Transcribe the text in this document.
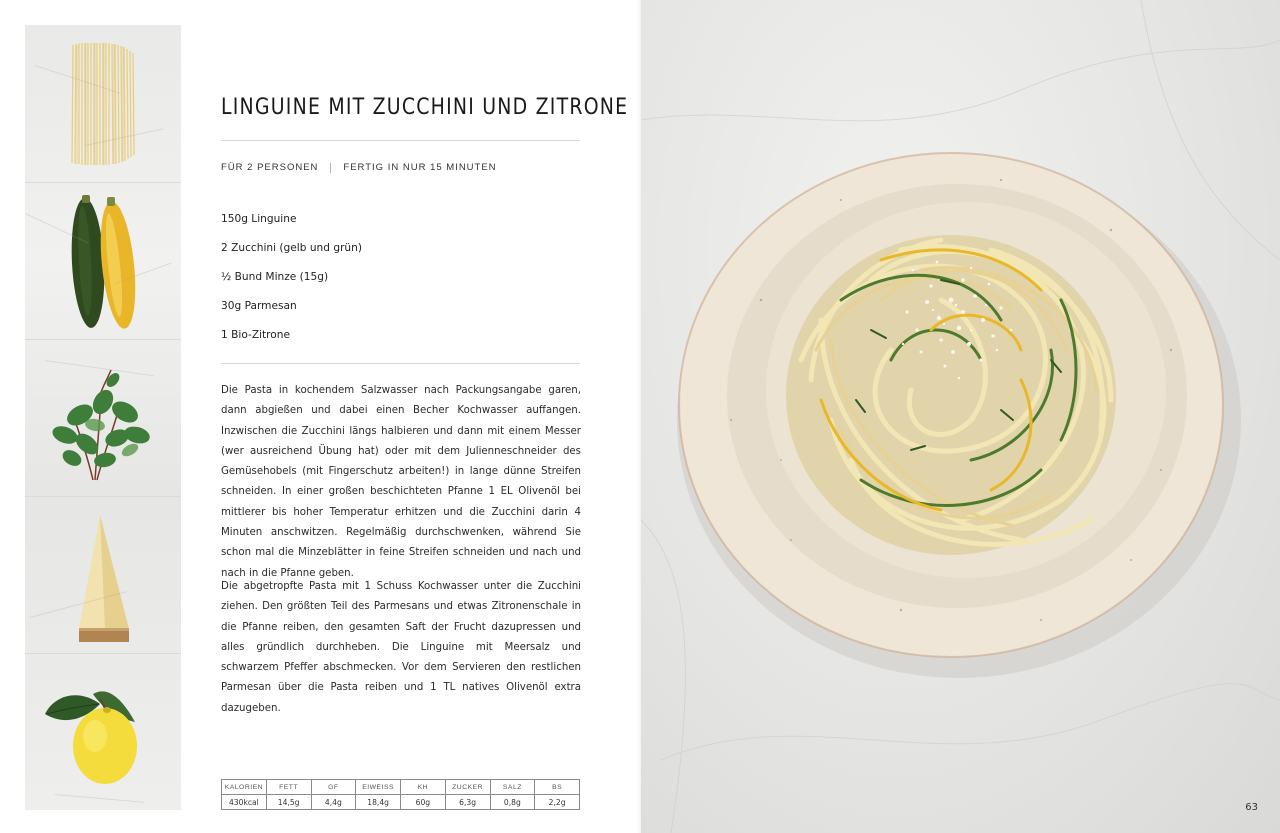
LINGUINE MIT ZUCCHINI UND ZITRONE
FÜR 2 PERSONEN	FERTIG IN NUR 15 MINUTEN
150g Linguine
2 Zucchini (gelb und grün)
½ Bund Minze (15g)
30g Parmesan
1 Bio-Zitrone

Die Pasta in kochendem Salzwasser nach Packungsangabe garen, dann abgießen und dabei einen Becher Kochwasser auffangen. Inzwischen die Zucchini längs halbieren und dann mit einem Messer (wer ausreichend Übung hat) oder mit dem Julienneschneider des Gemüsehobels (mit Fingerschutz arbeiten!) in lange dünne Streifen schneiden. In einer großen beschichteten Pfanne 1 EL Olivenöl bei mittlerer bis hoher Temperatur erhitzen und die Zucchini darin 4 Minuten anschwitzen. Regelmäßig durchschwenken, während Sie schon mal die Minzeblätter in feine Streifen schneiden und nach und nach in die Pfanne geben.

Die abgetropfte Pasta mit 1 Schuss Kochwasser unter die Zucchini ziehen. Den größten Teil des Parmesans und etwas Zitronenschale in die Pfanne reiben, den gesamten Saft der Frucht dazupressen und alles gründlich durchheben. Die Linguine mit Meersalz und schwarzem Pfeffer abschmecken. Vor dem Servieren den restlichen Parmesan über die Pasta reiben und 1 TL natives Olivenöl extra dazugeben.

KALORIEN	FETT	GF	EIWEISS	KH	ZUCKER	SALZ	BS
430kcal	14,5g	4,4g	18,4g	60g	6,3g	0,8g	2,2g	63
